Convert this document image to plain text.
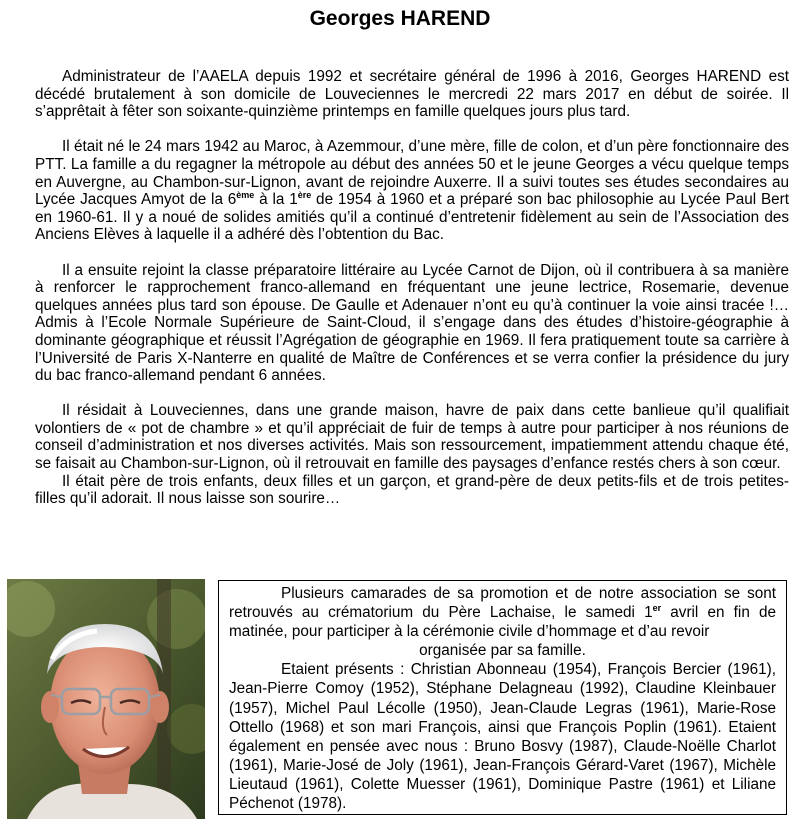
Georges HAREND

Administrateur de l’AAELA depuis 1992 et secrétaire général de 1996 à 2016, Georges HAREND est décédé brutalement à son domicile de Louveciennes le mercredi 22 mars 2017 en début de soirée. Il s’apprêtait à fêter son soixante-quinzième printemps en famille quelques jours plus tard.

Il était né le 24 mars 1942 au Maroc, à Azemmour, d’une mère, fille de colon, et d’un père fonctionnaire des PTT. La famille a du regagner la métropole au début des années 50 et le jeune Georges a vécu quelque temps en Auvergne, au Chambon-sur-Lignon, avant de rejoindre Auxerre. Il a suivi toutes ses études secondaires au Lycée Jacques Amyot de la 6ème à la 1ère de 1954 à 1960 et a préparé son bac philosophie au Lycée Paul Bert en 1960-61. Il y a noué de solides amitiés qu’il a continué d’entretenir fidèlement au sein de l’Association des Anciens Elèves à laquelle il a adhéré dès l’obtention du Bac.

Il a ensuite rejoint la classe préparatoire littéraire au Lycée Carnot de Dijon, où il contribuera à sa manière à renforcer le rapprochement franco-allemand en fréquentant une jeune lectrice, Rosemarie, devenue quelques années plus tard son épouse. De Gaulle et Adenauer n’ont eu qu’à continuer la voie ainsi tracée !… Admis à l’Ecole Normale Supérieure de Saint-Cloud, il s’engage dans des études d’histoire-géographie à dominante géographique et réussit l’Agrégation de géographie en 1969. Il fera pratiquement toute sa carrière à l’Université de Paris X-Nanterre en qualité de Maître de Conférences et se verra confier la présidence du jury du bac franco-allemand pendant 6 années.

Il résidait à Louveciennes, dans une grande maison, havre de paix dans cette banlieue qu’il qualifiait volontiers de « pot de chambre » et qu’il appréciait de fuir de temps à autre pour participer à nos réunions de conseil d’administration et nos diverses activités. Mais son ressourcement, impatiemment attendu chaque été, se faisait au Chambon-sur-Lignon, où il retrouvait en famille des paysages d’enfance restés chers à son cœur.

Il était père de trois enfants, deux filles et un garçon, et grand-père de deux petits-fils et de trois petites-filles qu’il adorait. Il nous laisse son sourire…

Plusieurs camarades de sa promotion et de notre association se sont retrouvés au crématorium du Père Lachaise, le samedi 1er avril en fin de matinée, pour participer à la cérémonie civile d’hommage et d’au revoir

organisée par sa famille.

Etaient présents : Christian Abonneau (1954), François Bercier (1961), Jean-Pierre Comoy (1952), Stéphane Delagneau (1992), Claudine Kleinbauer (1957), Michel Paul Lécolle (1950), Jean-Claude Legras (1961), Marie-Rose Ottello (1968) et son mari François, ainsi que François Poplin (1961). Etaient également en pensée avec nous : Bruno Bosvy (1987), Claude-Noëlle Charlot (1961), Marie-José de Joly (1961), Jean-François Gérard-Varet (1967), Michèle Lieutaud (1961), Colette Muesser (1961), Dominique Pastre (1961) et Liliane Péchenot (1978).
